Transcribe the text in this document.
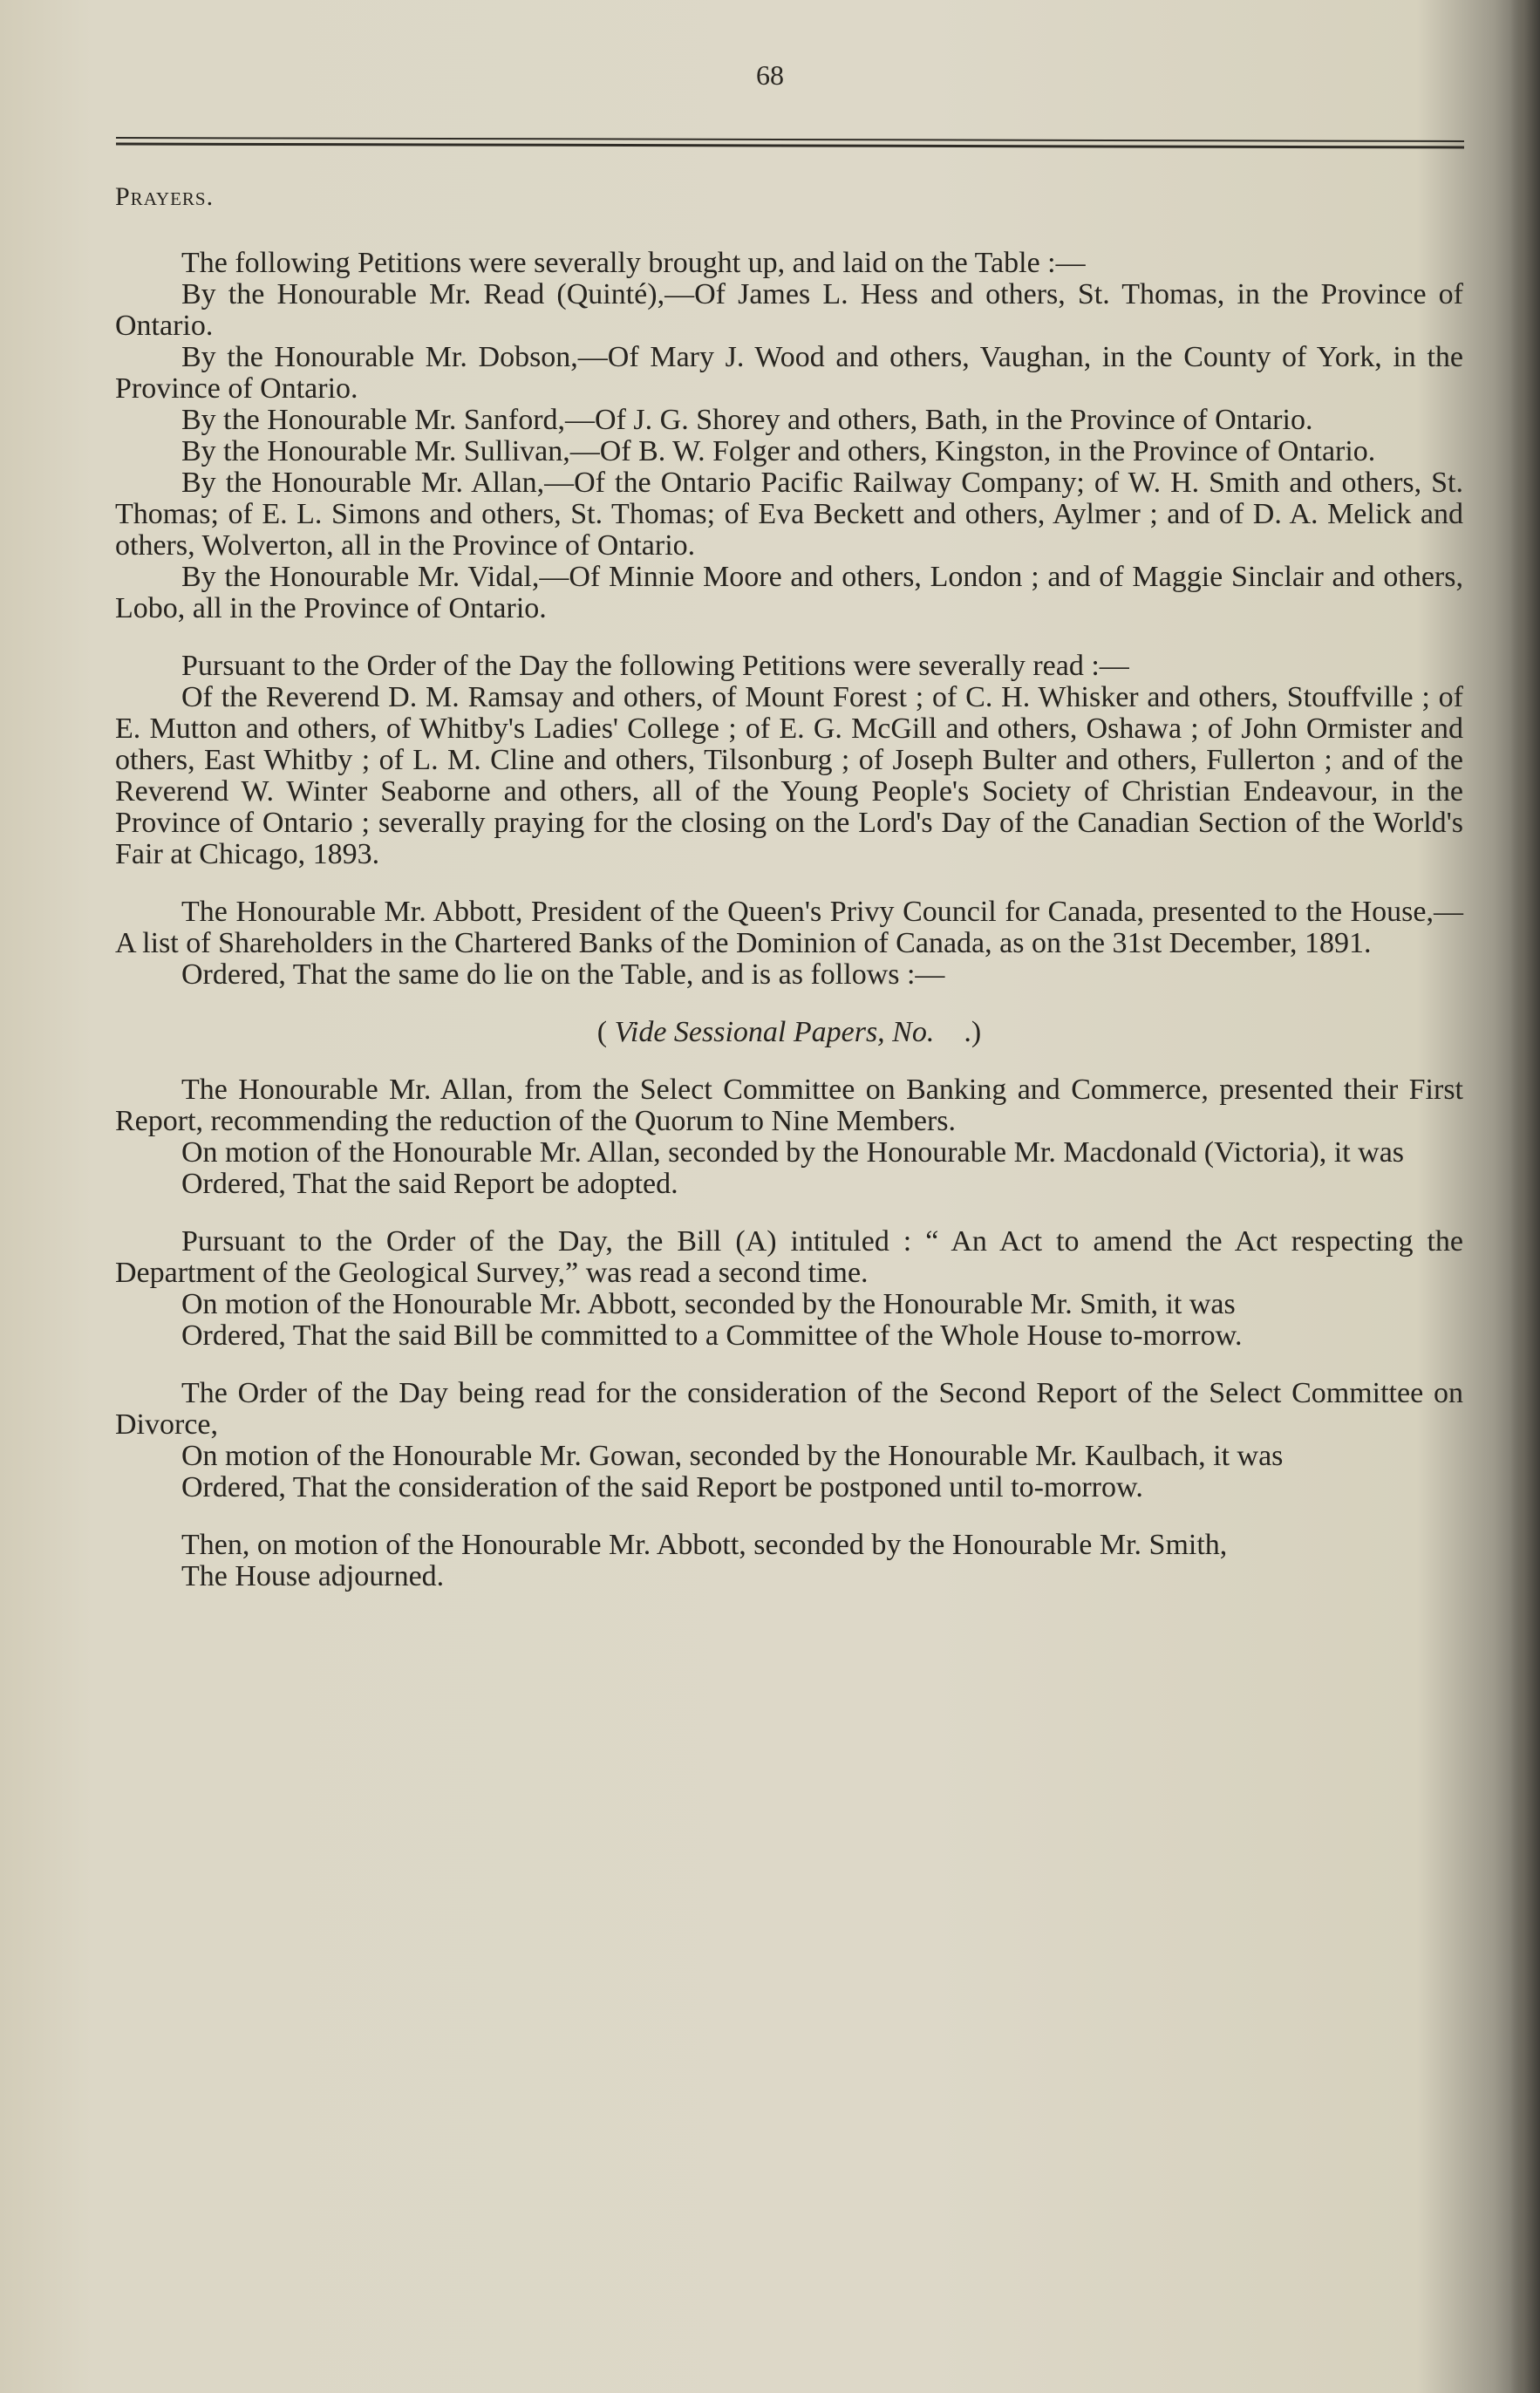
68

Prayers.

The following Petitions were severally brought up, and laid on the Table :—

By the Honourable Mr. Read (Quinté),—Of James L. Hess and others, St. Thomas, in the Province of Ontario.

By the Honourable Mr. Dobson,—Of Mary J. Wood and others, Vaughan, in the County of York, in the Province of Ontario.

By the Honourable Mr. Sanford,—Of J. G. Shorey and others, Bath, in the Province of Ontario.

By the Honourable Mr. Sullivan,—Of B. W. Folger and others, Kingston, in the Province of Ontario.

By the Honourable Mr. Allan,—Of the Ontario Pacific Railway Company; of W. H. Smith and others, St. Thomas; of E. L. Simons and others, St. Thomas; of Eva Beckett and others, Aylmer ; and of D. A. Melick and others, Wolverton, all in the Province of Ontario.

By the Honourable Mr. Vidal,—Of Minnie Moore and others, London ; and of Maggie Sinclair and others, Lobo, all in the Province of Ontario.

Pursuant to the Order of the Day the following Petitions were severally read :—

Of the Reverend D. M. Ramsay and others, of Mount Forest ; of C. H. Whisker and others, Stouffville ; of E. Mutton and others, of Whitby's Ladies' College ; of E. G. McGill and others, Oshawa ; of John Ormister and others, East Whitby ; of L. M. Cline and others, Tilsonburg ; of Joseph Bulter and others, Fullerton ; and of the Reverend W. Winter Seaborne and others, all of the Young People's Society of Christian Endeavour, in the Province of Ontario ; severally praying for the closing on the Lord's Day of the Canadian Section of the World's Fair at Chicago, 1893.

The Honourable Mr. Abbott, President of the Queen's Privy Council for Canada, presented to the House,—A list of Shareholders in the Chartered Banks of the Dominion of Canada, as on the 31st December, 1891.

Ordered, That the same do lie on the Table, and is as follows :—

( Vide Sessional Papers, No. .)

The Honourable Mr. Allan, from the Select Committee on Banking and Commerce, presented their First Report, recommending the reduction of the Quorum to Nine Members.

On motion of the Honourable Mr. Allan, seconded by the Honourable Mr. Macdonald (Victoria), it was

Ordered, That the said Report be adopted.

Pursuant to the Order of the Day, the Bill (A) intituled : “ An Act to amend the Act respecting the Department of the Geological Survey,” was read a second time.

On motion of the Honourable Mr. Abbott, seconded by the Honourable Mr. Smith, it was

Ordered, That the said Bill be committed to a Committee of the Whole House to-morrow.

The Order of the Day being read for the consideration of the Second Report of the Select Committee on Divorce,

On motion of the Honourable Mr. Gowan, seconded by the Honourable Mr. Kaulbach, it was

Ordered, That the consideration of the said Report be postponed until to-morrow.

Then, on motion of the Honourable Mr. Abbott, seconded by the Honourable Mr. Smith,

The House adjourned.
